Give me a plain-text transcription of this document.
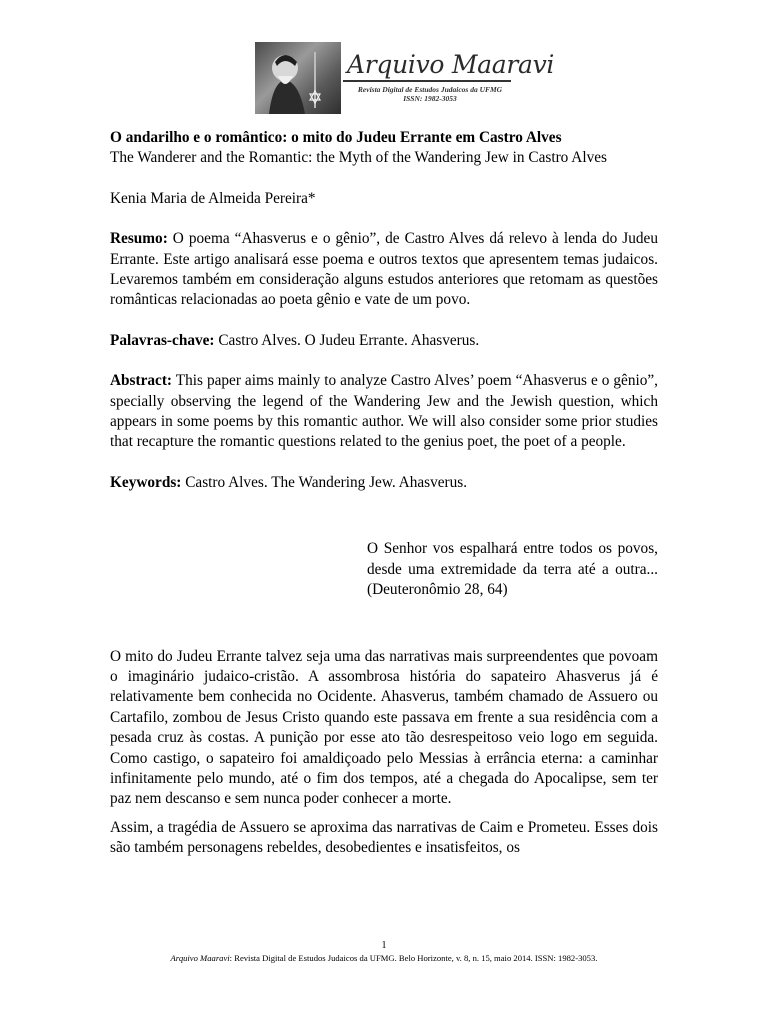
Arquivo Maaravi
Revista Digital de Estudos Judaicos da UFMG
ISSN: 1982-3053
O andarilho e o romântico: o mito do Judeu Errante em Castro Alves
The Wanderer and the Romantic: the Myth of the Wandering Jew in Castro Alves
Kenia Maria de Almeida Pereira*
Resumo: O poema “Ahasverus e o gênio”, de Castro Alves dá relevo à lenda do Judeu Errante. Este artigo analisará esse poema e outros textos que apresentem temas judaicos. Levaremos também em consideração alguns estudos anteriores que retomam as questões românticas relacionadas ao poeta gênio e vate de um povo.
Palavras-chave: Castro Alves. O Judeu Errante. Ahasverus.
Abstract: This paper aims mainly to analyze Castro Alves’ poem “Ahasverus e o gênio”, specially observing the legend of the Wandering Jew and the Jewish question, which appears in some poems by this romantic author. We will also consider some prior studies that recapture the romantic questions related to the genius poet, the poet of a people.
Keywords: Castro Alves. The Wandering Jew. Ahasverus.
O Senhor vos espalhará entre todos os povos, desde uma extremidade da terra até a outra... (Deuteronômio 28, 64)
O mito do Judeu Errante talvez seja uma das narrativas mais surpreendentes que povoam o imaginário judaico-cristão. A assombrosa história do sapateiro Ahasverus já é relativamente bem conhecida no Ocidente. Ahasverus, também chamado de Assuero ou Cartafilo, zombou de Jesus Cristo quando este passava em frente a sua residência com a pesada cruz às costas. A punição por esse ato tão desrespeitoso veio logo em seguida. Como castigo, o sapateiro foi amaldiçoado pelo Messias à errância eterna: a caminhar infinitamente pelo mundo, até o fim dos tempos, até a chegada do Apocalipse, sem ter paz nem descanso e sem nunca poder conhecer a morte.
Assim, a tragédia de Assuero se aproxima das narrativas de Caim e Prometeu. Esses dois são também personagens rebeldes, desobedientes e insatisfeitos, os
1
Arquivo Maaravi: Revista Digital de Estudos Judaicos da UFMG. Belo Horizonte, v. 8, n. 15, maio 2014. ISSN: 1982-3053.
